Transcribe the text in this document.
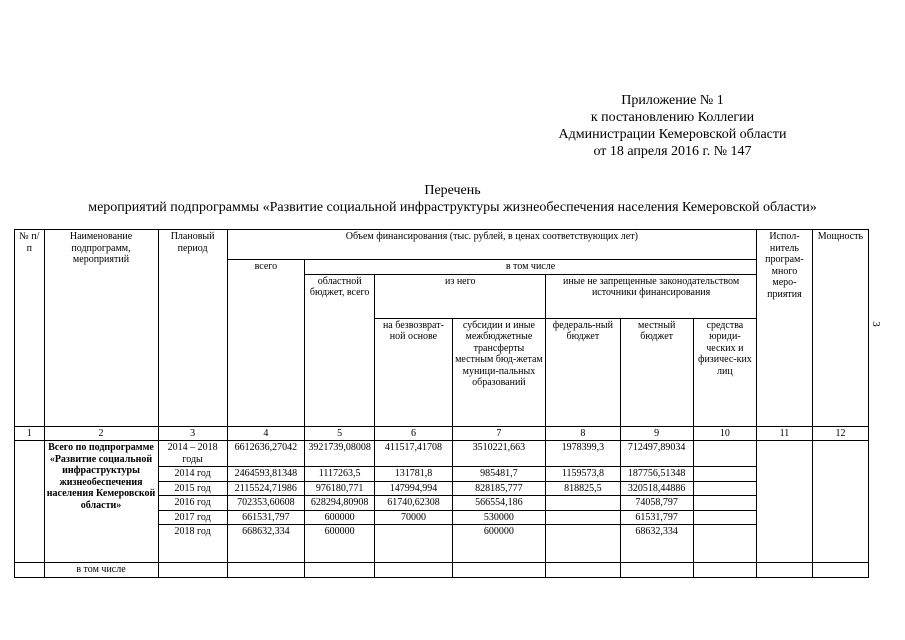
Приложение № 1
к постановлению Коллегии
Администрации Кемеровской области
от 18 апреля 2016 г. № 147
Перечень
мероприятий подпрограммы «Развитие социальной инфраструктуры жизнеобеспечения населения Кемеровской области»
3
№ п/п	Наименование подпрограмм, мероприятий	Плановый период	Объем финансирования (тыс. рублей, в ценах соответствующих лет)							Испол-нитель програм-много меро-приятия	Мощность
			всего	в том числе							
				областной бюджет, всего	из него		иные не запрещенные законодательством источники финансирования				
					на безвозврат-ной основе	субсидии и иные межбюджетные трансферты местным бюд-жетам муници-пальных образований	федераль-ный бюджет	местный бюджет	средства юриди-ческих и физичес-ких лиц		
1	2	3	4	5	6	7	8	9	10	11	12
	Всего по подпрограмме «Развитие социальной инфраструктуры жизнеобеспечения населения Кемеровской области»	2014 – 2018 годы	6612636,27042	3921739,08008	411517,41708	3510221,663	1978399,3	712497,89034			
		2014 год	2464593,81348	1117263,5	131781,8	985481,7	1159573,8	187756,51348			
		2015 год	2115524,71986	976180,771	147994,994	828185,777	818825,5	320518,44886			
		2016 год	702353,60608	628294,80908	61740,62308	566554,186		74058,797			
		2017 год	661531,797	600000	70000	530000		61531,797			
		2018 год	668632,334	600000		600000		68632,334			
	в том числе										
